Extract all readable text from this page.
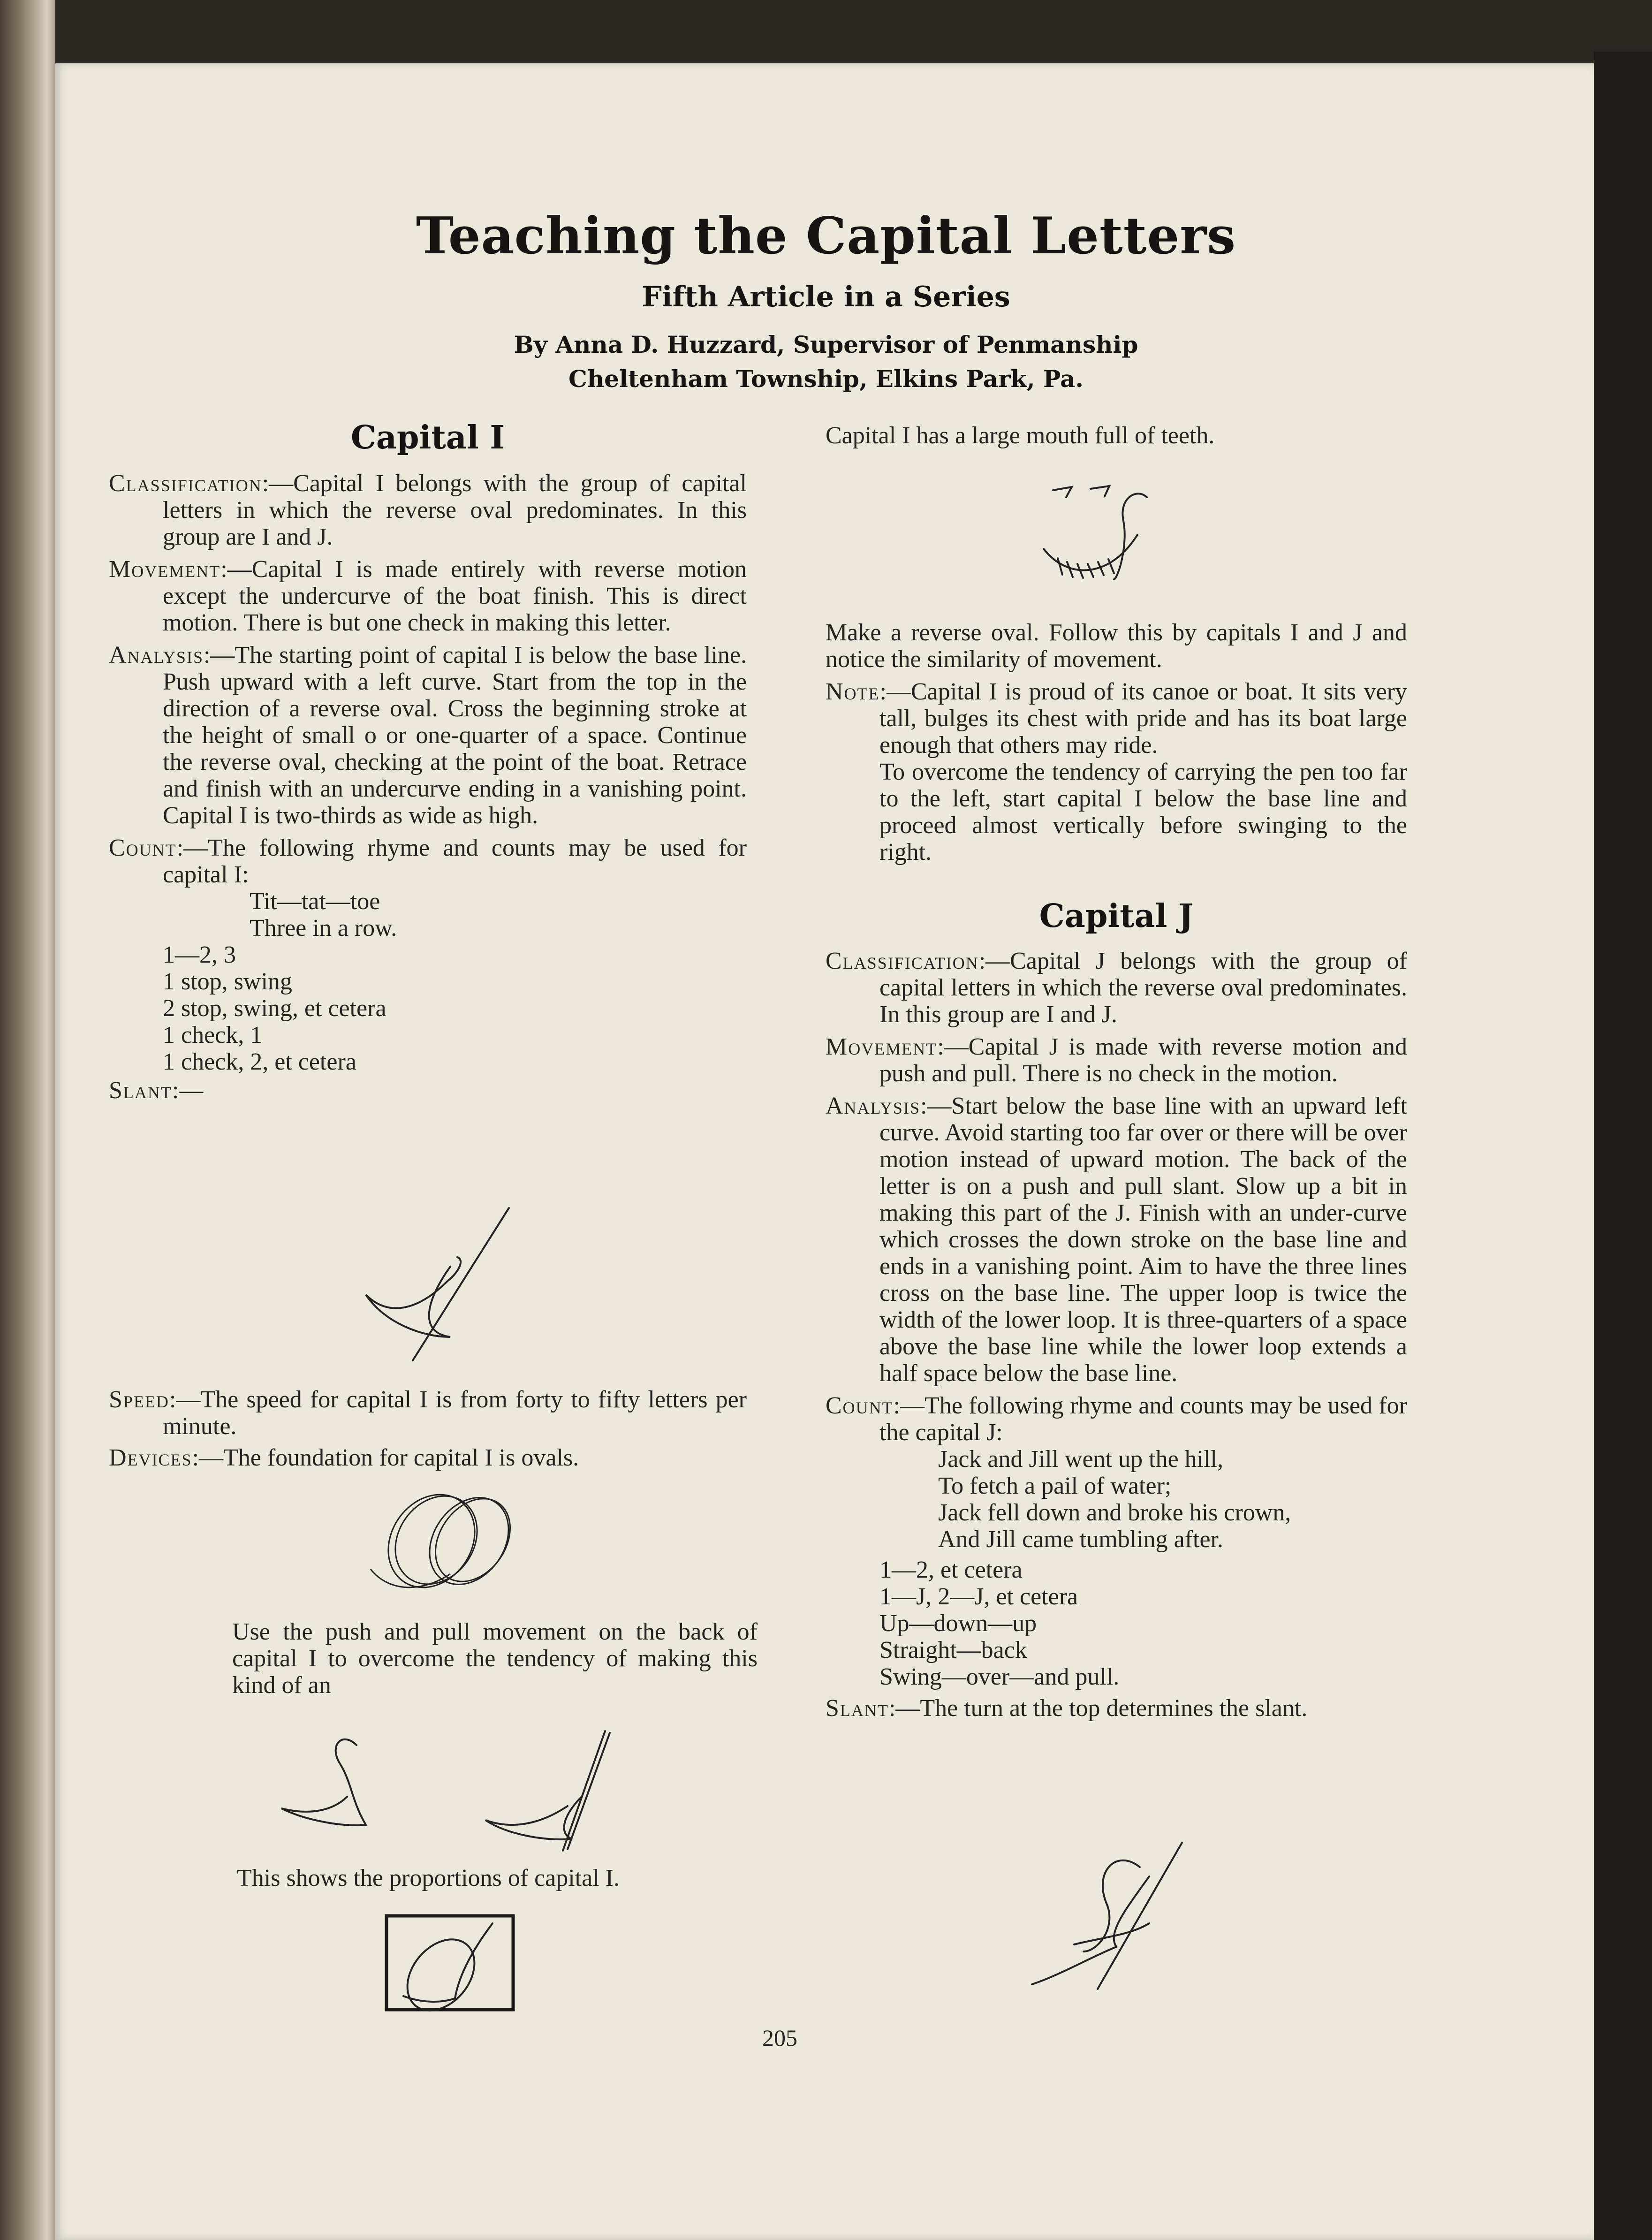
Teaching the Capital Letters
Fifth Article in a Series
By Anna D. Huzzard, Supervisor of Penmanship
Cheltenham Township, Elkins Park, Pa.

Capital I

Classification:—Capital I belongs with the group of capital letters in which the reverse oval predominates. In this group are I and J.

Movement:—Capital I is made entirely with reverse motion except the undercurve of the boat finish. This is direct motion. There is but one check in making this letter.

Analysis:—The starting point of capital I is below the base line. Push upward with a left curve. Start from the top in the direction of a reverse oval. Cross the beginning stroke at the height of small o or one-quarter of a space. Continue the reverse oval, checking at the point of the boat. Retrace and finish with an undercurve ending in a vanishing point. Capital I is two-thirds as wide as high.

Count:—The following rhyme and counts may be used for capital I:

Tit—tat—toe

Three in a row.

1—2, 3

1 stop, swing

2 stop, swing, et cetera

1 check, 1

1 check, 2, et cetera

Slant:—

Speed:—The speed for capital I is from forty to fifty letters per minute.

Devices:—The foundation for capital I is ovals.

Use the push and pull movement on the back of capital I to overcome the tendency of making this kind of an

This shows the proportions of capital I.

Capital I has a large mouth full of teeth.

Make a reverse oval. Follow this by capitals I and J and notice the similarity of movement.

Note:—Capital I is proud of its canoe or boat. It sits very tall, bulges its chest with pride and has its boat large enough that others may ride.

To overcome the tendency of carrying the pen too far to the left, start capital I below the base line and proceed almost vertically before swinging to the right.

Capital J

Classification:—Capital J belongs with the group of capital letters in which the reverse oval predominates. In this group are I and J.

Movement:—Capital J is made with reverse motion and push and pull. There is no check in the motion.

Analysis:—Start below the base line with an upward left curve. Avoid starting too far over or there will be over motion instead of upward motion. The back of the letter is on a push and pull slant. Slow up a bit in making this part of the J. Finish with an under-curve which crosses the down stroke on the base line and ends in a vanishing point. Aim to have the three lines cross on the base line. The upper loop is twice the width of the lower loop. It is three-quarters of a space above the base line while the lower loop extends a half space below the base line.

Count:—The following rhyme and counts may be used for the capital J:

Jack and Jill went up the hill,

To fetch a pail of water;

Jack fell down and broke his crown,

And Jill came tumbling after.

1—2, et cetera

1—J, 2—J, et cetera

Up—down—up

Straight—back

Swing—over—and pull.

Slant:—The turn at the top determines the slant.

205
